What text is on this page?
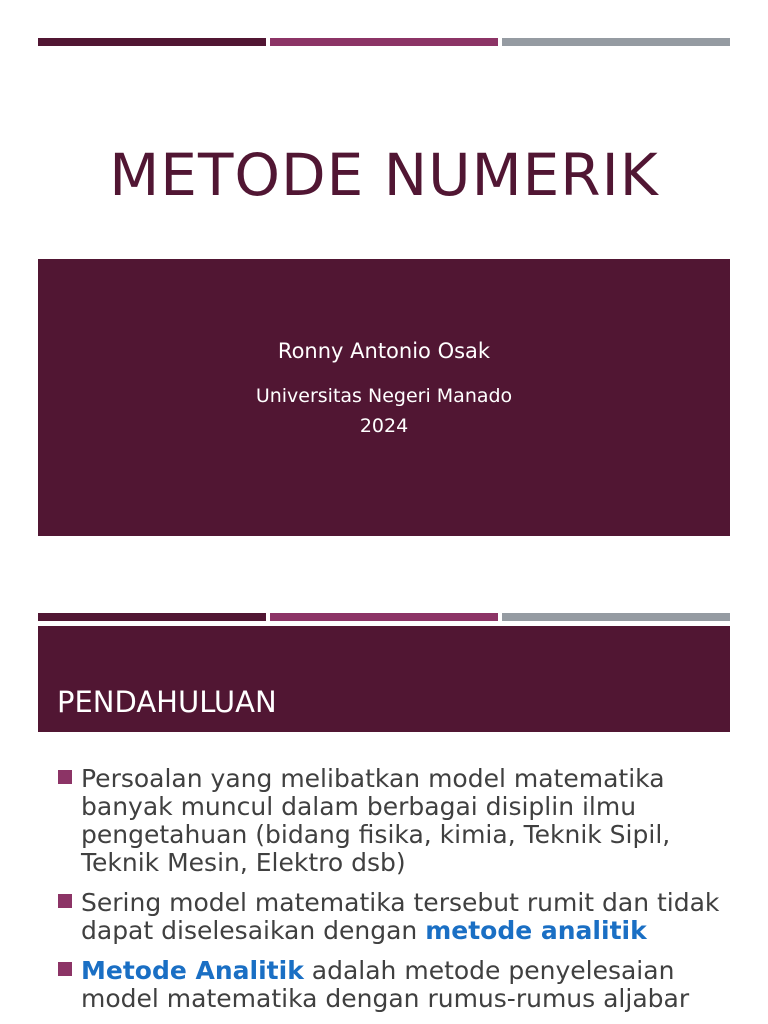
METODE NUMERIK
Ronny Antonio Osak
Universitas Negeri Manado
2024
PENDAHULUAN
Persoalan yang melibatkan model matematika banyak muncul dalam berbagai disiplin ilmu pengetahuan (bidang fisika, kimia, Teknik Sipil, Teknik Mesin, Elektro dsb)
Sering model matematika tersebut rumit dan tidak dapat diselesaikan dengan metode analitik
Metode Analitik adalah metode penyelesaian model matematika dengan rumus-rumus aljabar
